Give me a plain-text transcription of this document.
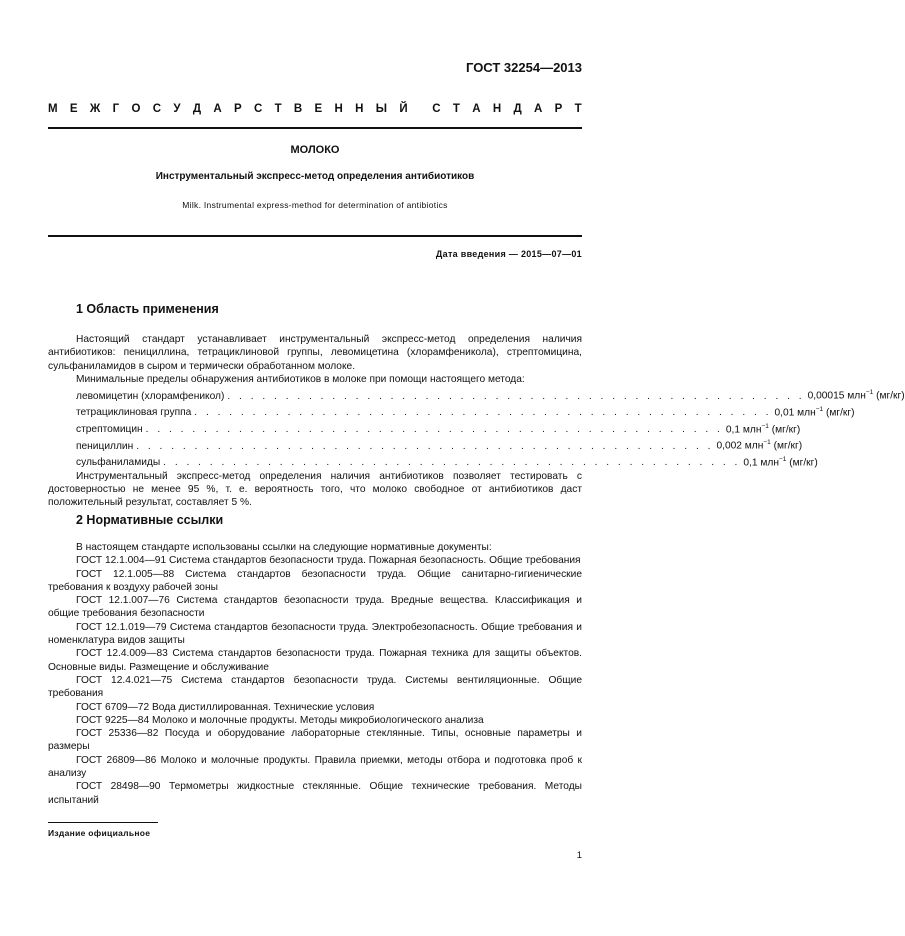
ГОСТ 32254—2013
М Е Ж Г О С У Д А Р С Т В Е Н Н Ы Й С Т А Н Д А Р Т
МОЛОКО
Инструментальный экспресс-метод определения антибиотиков
Milk. Instrumental express-method for determination of antibiotics
Дата введения — 2015—07—01
1 Область применения

Настоящий стандарт устанавливает инструментальный экспресс-метод определения наличия антибиотиков: пенициллина, тетрациклиновой группы, левомицетина (хлорамфеникола), стрептомицина, сульфаниламидов в сыром и термически обработанном молоке.

Минимальные пределы обнаружения антибиотиков в молоке при помощи настоящего метода:

левомицетин (хлорамфеникол) . . . . . . . . . . . . . . . . . . . . . . . . . . . . . . . . . . . . . . . . . . . . . . . . . . 0,00015 млн$^{-1}$ (мг/кг)
тетрациклиновая группа . . . . . . . . . . . . . . . . . . . . . . . . . . . . . . . . . . . . . . . . . . . . . . . . . . 0,01 млн$^{-1}$ (мг/кг)
стрептомицин . . . . . . . . . . . . . . . . . . . . . . . . . . . . . . . . . . . . . . . . . . . . . . . . . . 0,1 млн$^{-1}$ (мг/кг)
пенициллин . . . . . . . . . . . . . . . . . . . . . . . . . . . . . . . . . . . . . . . . . . . . . . . . . . 0,002 млн$^{-1}$ (мг/кг)
сульфаниламиды . . . . . . . . . . . . . . . . . . . . . . . . . . . . . . . . . . . . . . . . . . . . . . . . . . 0,1 млн$^{-1}$ (мг/кг)

Инструментальный экспресс-метод определения наличия антибиотиков позволяет тестировать с достоверностью не менее 95 %, т. е. вероятность того, что молоко свободное от антибиотиков даст положительный результат, составляет 5 %.

2 Нормативные ссылки

В настоящем стандарте использованы ссылки на следующие нормативные документы:

ГОСТ 12.1.004—91 Система стандартов безопасности труда. Пожарная безопасность. Общие требования

ГОСТ 12.1.005—88 Система стандартов безопасности труда. Общие санитарно-гигиенические требования к воздуху рабочей зоны

ГОСТ 12.1.007—76 Система стандартов безопасности труда. Вредные вещества. Классификация и общие требования безопасности

ГОСТ 12.1.019—79 Система стандартов безопасности труда. Электробезопасность. Общие требования и номенклатура видов защиты

ГОСТ 12.4.009—83 Система стандартов безопасности труда. Пожарная техника для защиты объектов. Основные виды. Размещение и обслуживание

ГОСТ 12.4.021—75 Система стандартов безопасности труда. Системы вентиляционные. Общие требования

ГОСТ 6709—72 Вода дистиллированная. Технические условия

ГОСТ 9225—84 Молоко и молочные продукты. Методы микробиологического анализа

ГОСТ 25336—82 Посуда и оборудование лабораторные стеклянные. Типы, основные параметры и размеры

ГОСТ 26809—86 Молоко и молочные продукты. Правила приемки, методы отбора и подготовка проб к анализу

ГОСТ 28498—90 Термометры жидкостные стеклянные. Общие технические требования. Методы испытаний

Издание официальное
1
